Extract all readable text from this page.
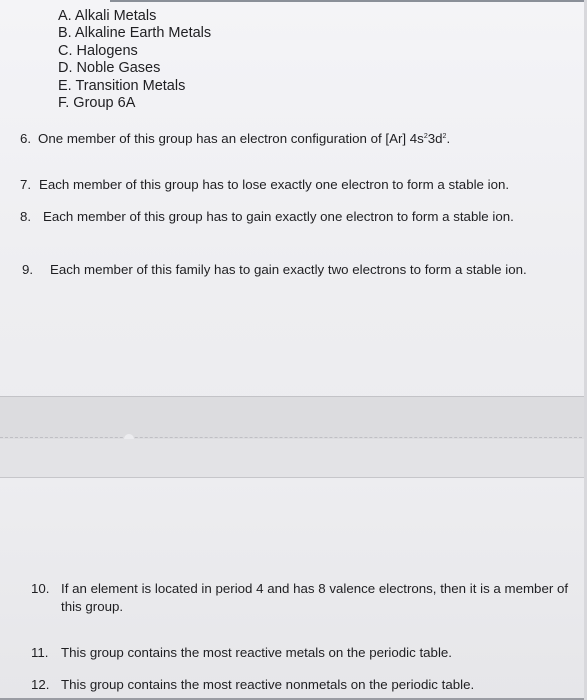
A. Alkali Metals
B. Alkaline Earth Metals
C. Halogens
D. Noble Gases
E. Transition Metals
F. Group 6A
6. One member of this group has an electron configuration of [Ar] $4s^23d^2$.
7. Each member of this group has to lose exactly one electron to form a stable ion.
8. Each member of this group has to gain exactly one electron to form a stable ion.
9. Each member of this family has to gain exactly two electrons to form a stable ion.
10. If an element is located in period 4 and has 8 valence electrons, then it is a member of
this group.
11. This group contains the most reactive metals on the periodic table.
12. This group contains the most reactive nonmetals on the periodic table.
